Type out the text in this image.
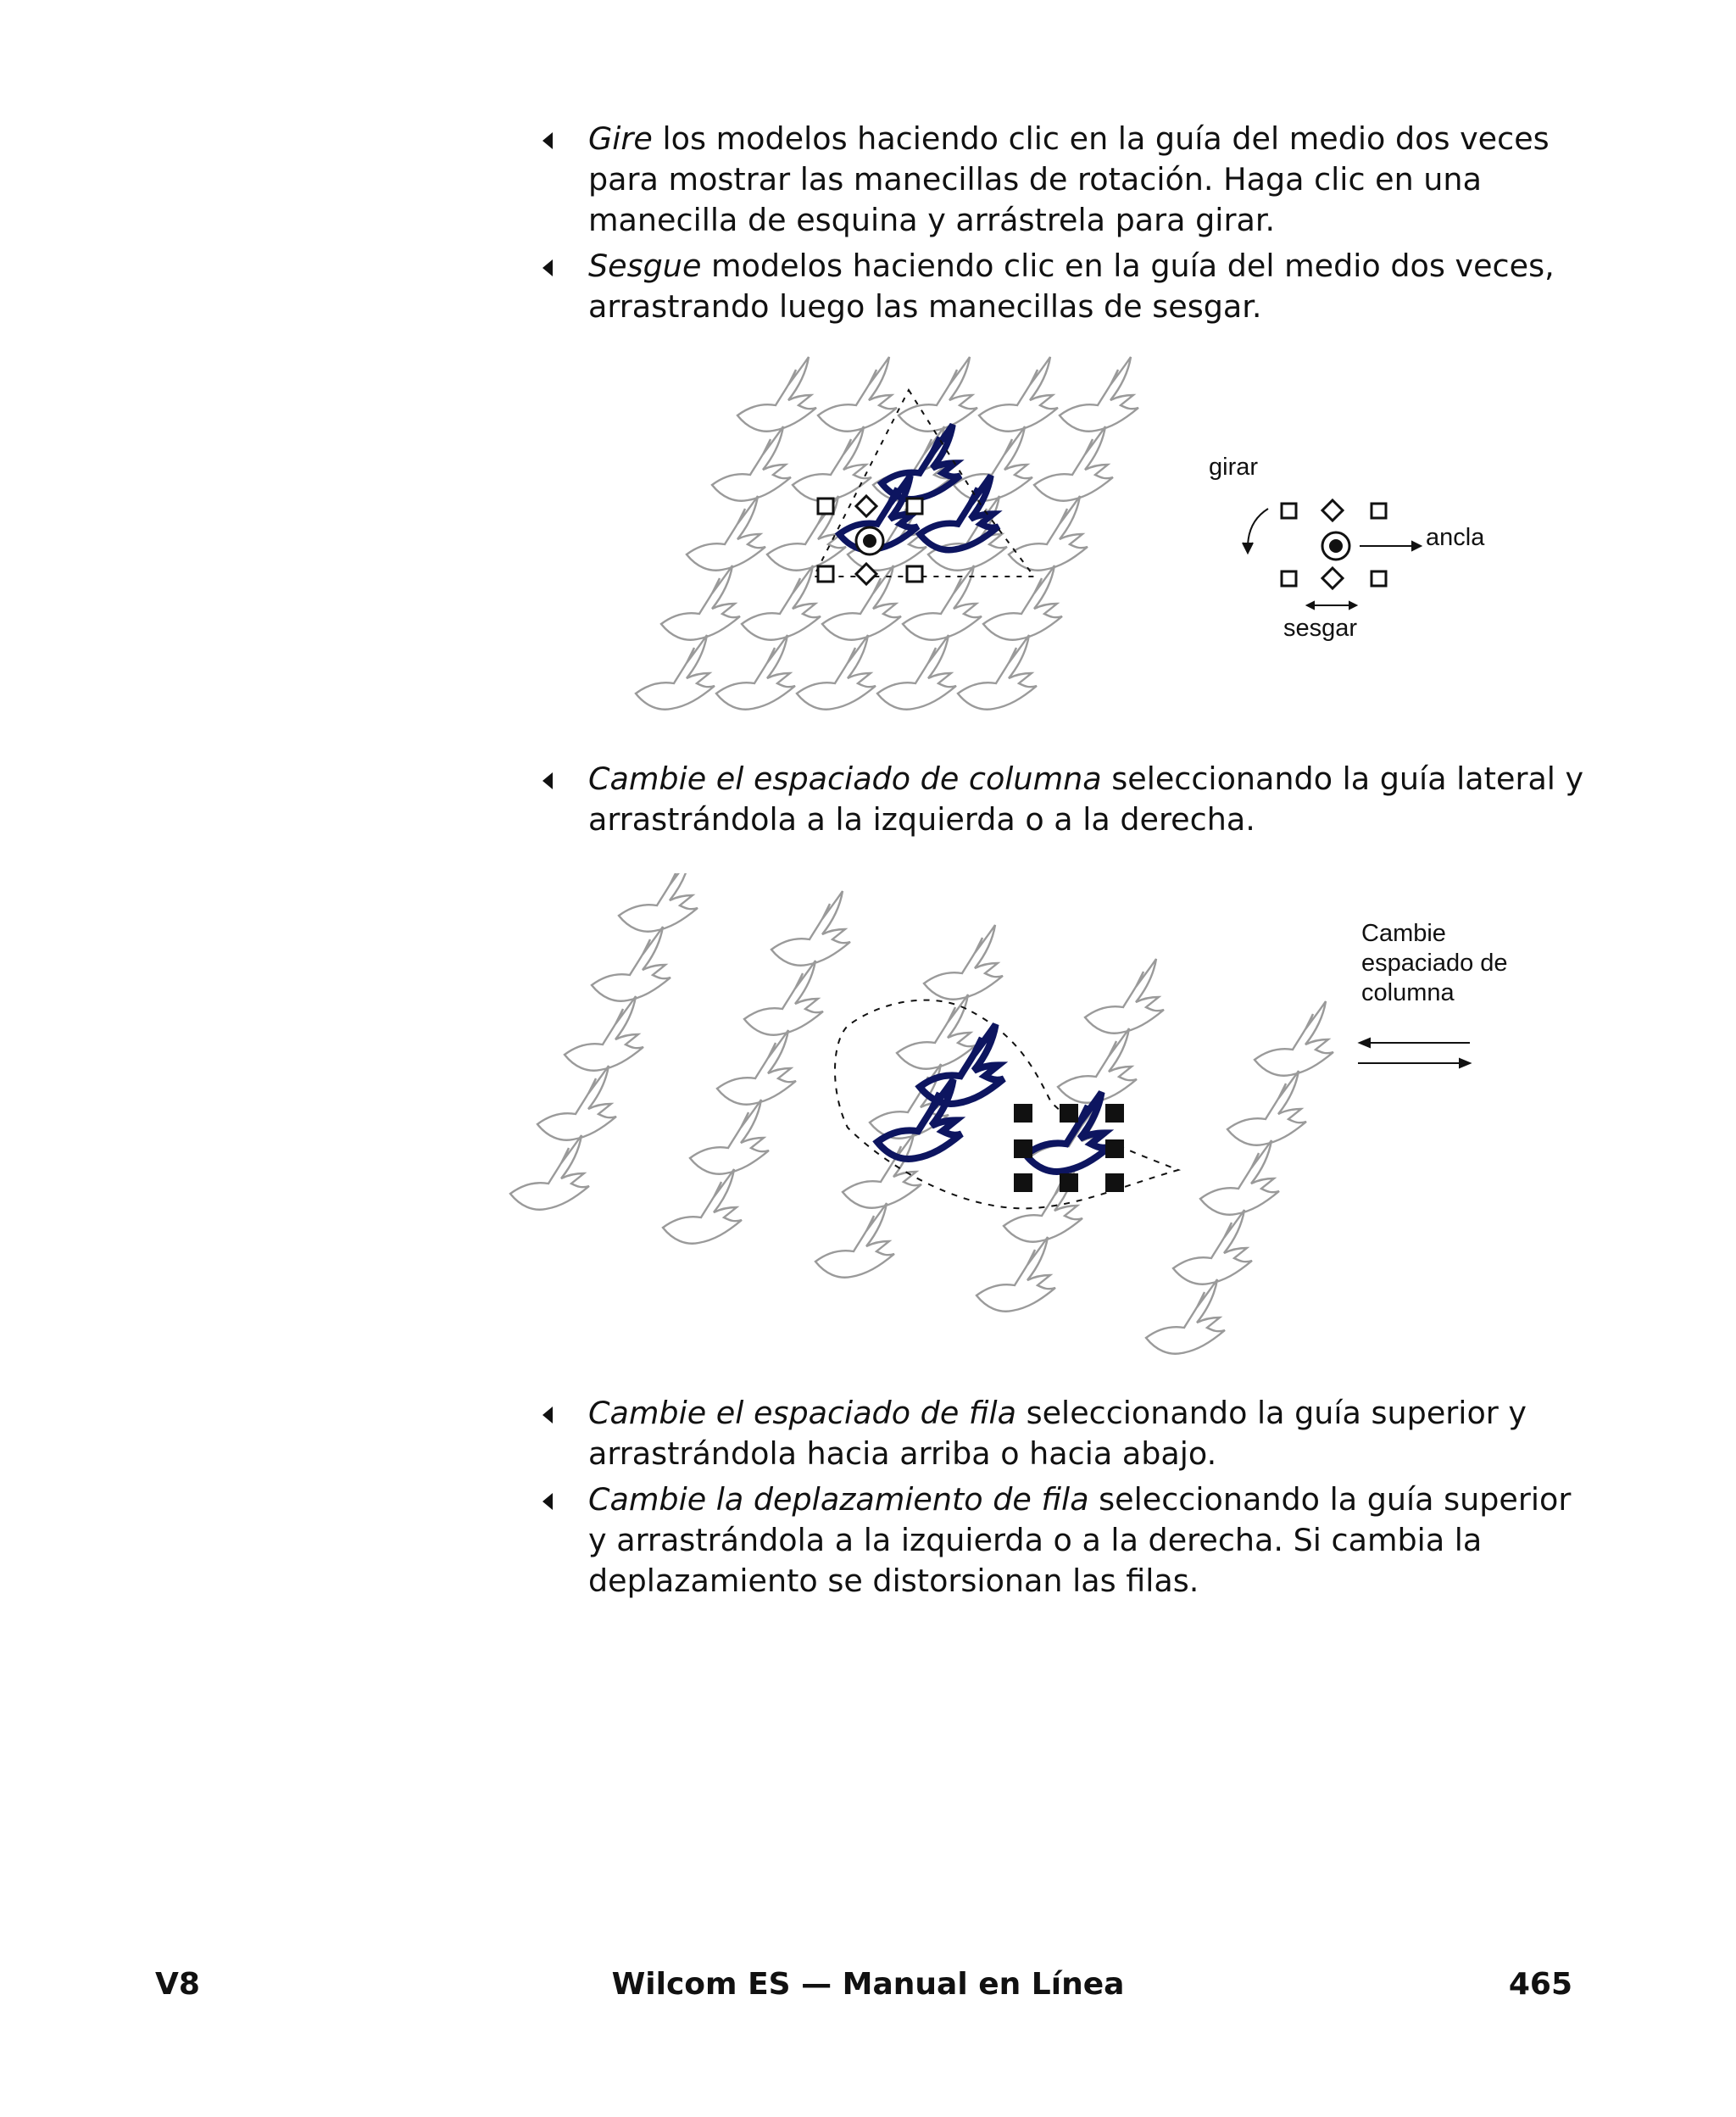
Gire los modelos haciendo clic en la guía del medio dos veces para mostrar las manecillas de rotación. Haga clic en una manecilla de esquina y arrástrela para girar.

Sesgue modelos haciendo clic en la guía del medio dos veces, arrastrando luego las manecillas de sesgar.

girar
ancla
sesgar

Cambie el espaciado de columna seleccionando la guía lateral y arrastrándola a la izquierda o a la derecha.

Cambie
espaciado de
columna

Cambie el espaciado de fila seleccionando la guía superior y arrastrándola hacia arriba o hacia abajo.

Cambie la deplazamiento de fila seleccionando la guía superior y arrastrándola a la izquierda o a la derecha. Si cambia la deplazamiento se distorsionan las filas.

V8	Wilcom ES — Manual en Línea	465
